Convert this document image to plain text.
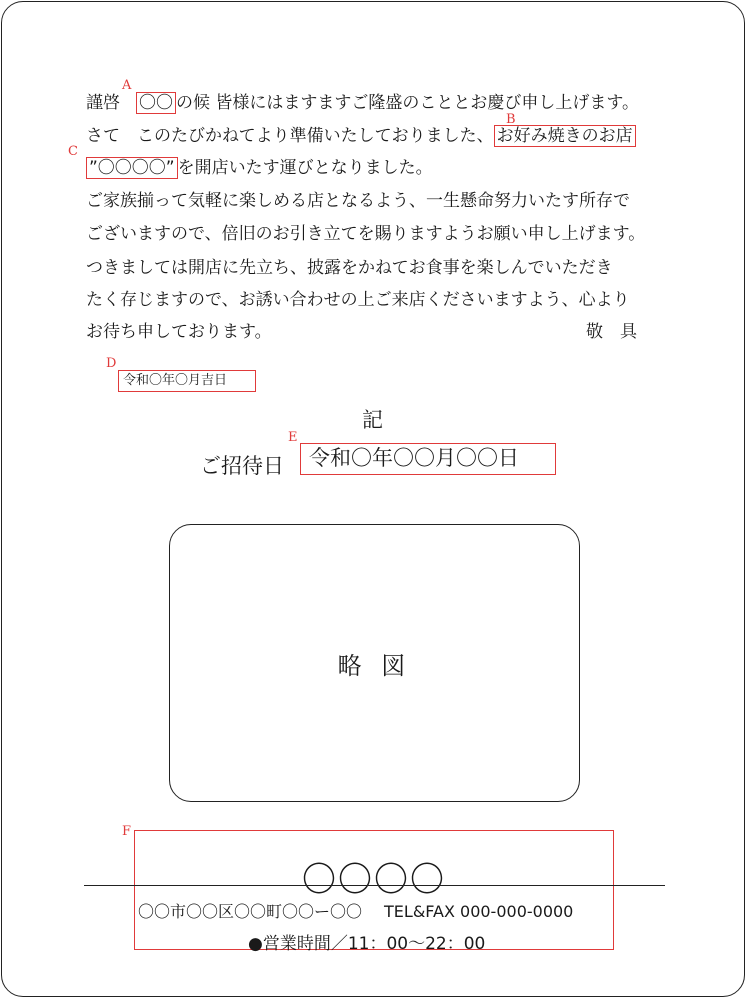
謹啓 〇〇 の候 皆様にはますますご隆盛のこととお慶び申し上げます。
A
さて　このたびかねてより準備いたしておりました、 お好み焼きのお店
B
”〇〇〇〇” を開店いたす運びとなりました。
C
ご家族揃って気軽に楽しめる店となるよう、一生懸命努力いたす所存で
ございますので、倍旧のお引き立てを賜りますようお願い申し上げます。
つきましては開店に先立ち、披露をかねてお食事を楽しんでいただき
たく存じますので、お誘い合わせの上ご来店くださいますよう、心より
お待ち申しております。	敬　具
D
令和〇年〇月吉日
記
ご招待日
E
令和〇年〇〇月〇〇日
略 図
F
〇〇〇〇
〇〇市〇〇区〇〇町〇〇ー〇〇 TEL&FAX 000-000-0000
●営業時間／11：00〜22：00
